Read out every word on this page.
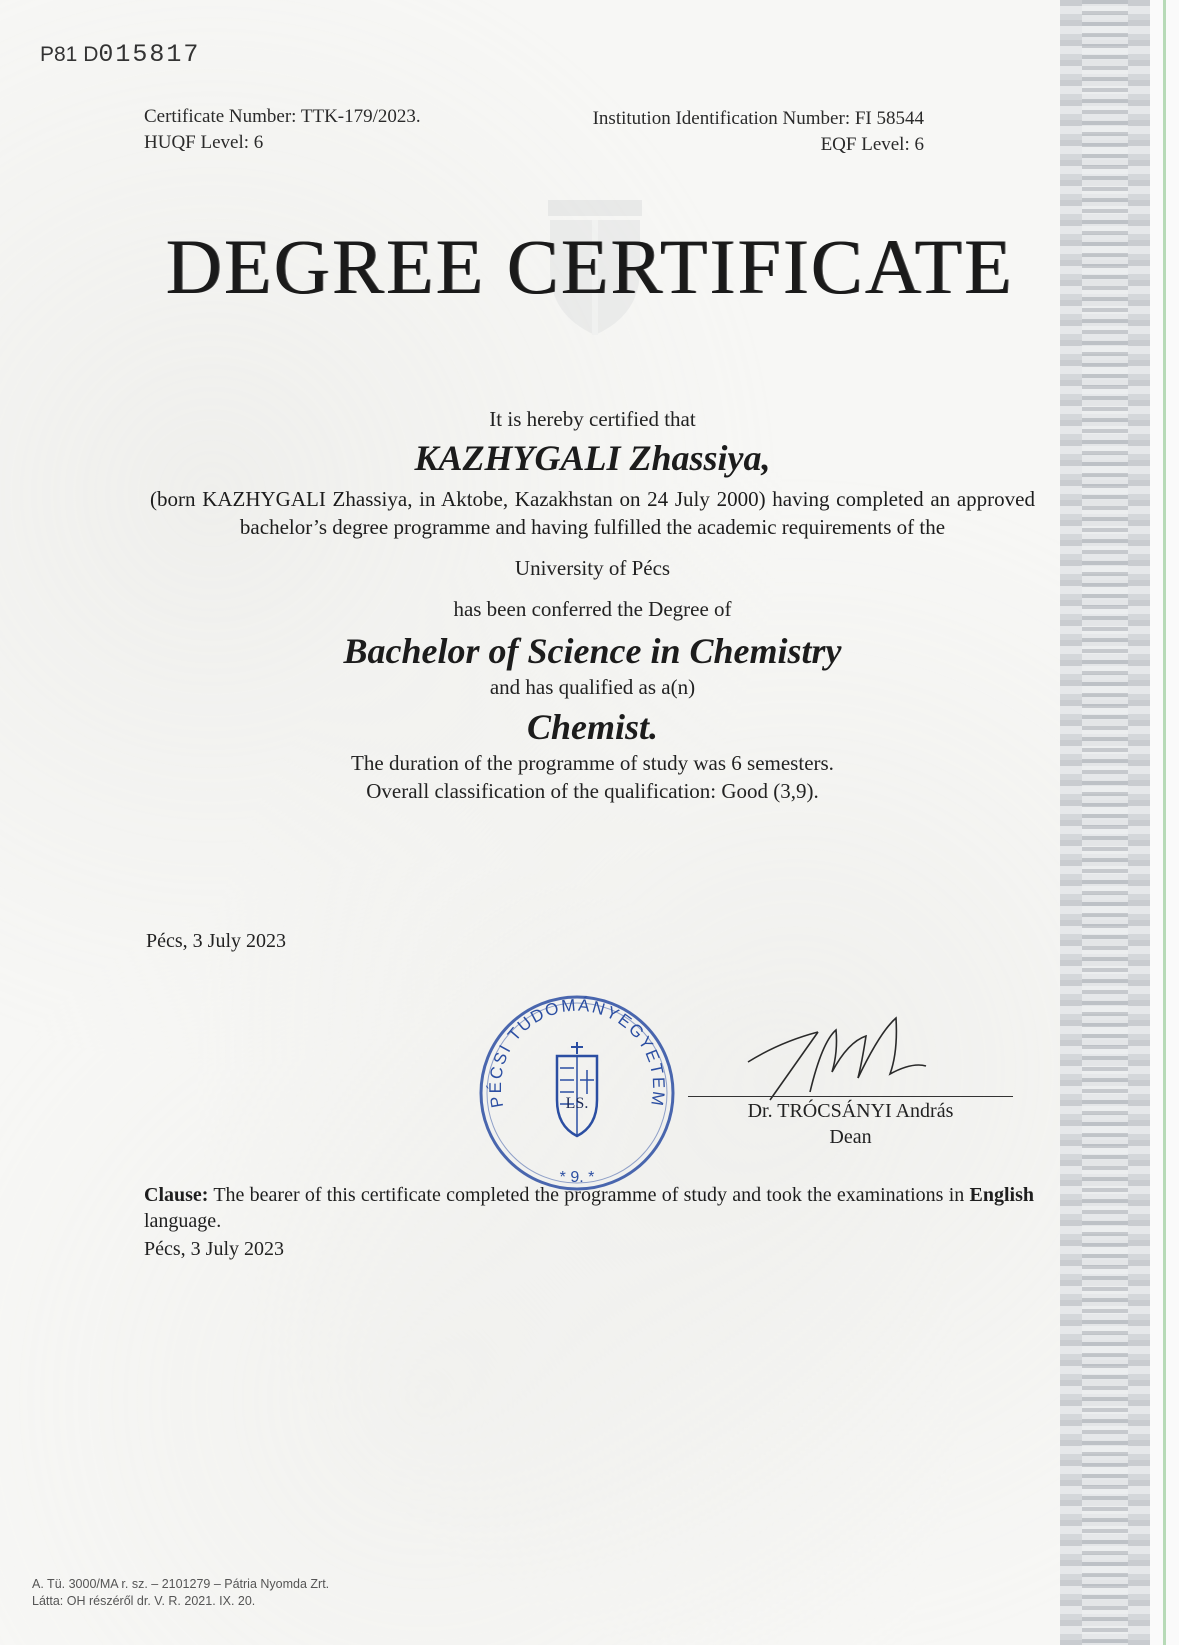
P81 D015817
Certificate Number: TTK-179/2023.
HUQF Level: 6
Institution Identification Number: FI 58544
EQF Level: 6
DEGREE CERTIFICATE
It is hereby certified that
KAZHYGALI Zhassiya,
(born KAZHYGALI Zhassiya, in Aktobe, Kazakhstan on 24 July 2000) having completed an approved bachelor’s degree programme and having fulfilled the academic requirements of the
University of Pécs
has been conferred the Degree of
Bachelor of Science in Chemistry
and has qualified as a(n)
Chemist.
The duration of the programme of study was 6 semesters.
Overall classification of the qualification: Good (3,9).
Pécs, 3 July 2023
PÉCSI TUDOMÁNYEGYETEM
LS.
* 9. *
Dr. TRÓCSÁNYI András
Dean
Clause: The bearer of this certificate completed the programme of study and took the examinations in English language.
Pécs, 3 July 2023
A. Tü. 3000/MA r. sz. – 2101279 – Pátria Nyomda Zrt.
Látta: OH részéről dr. V. R. 2021. IX. 20.
